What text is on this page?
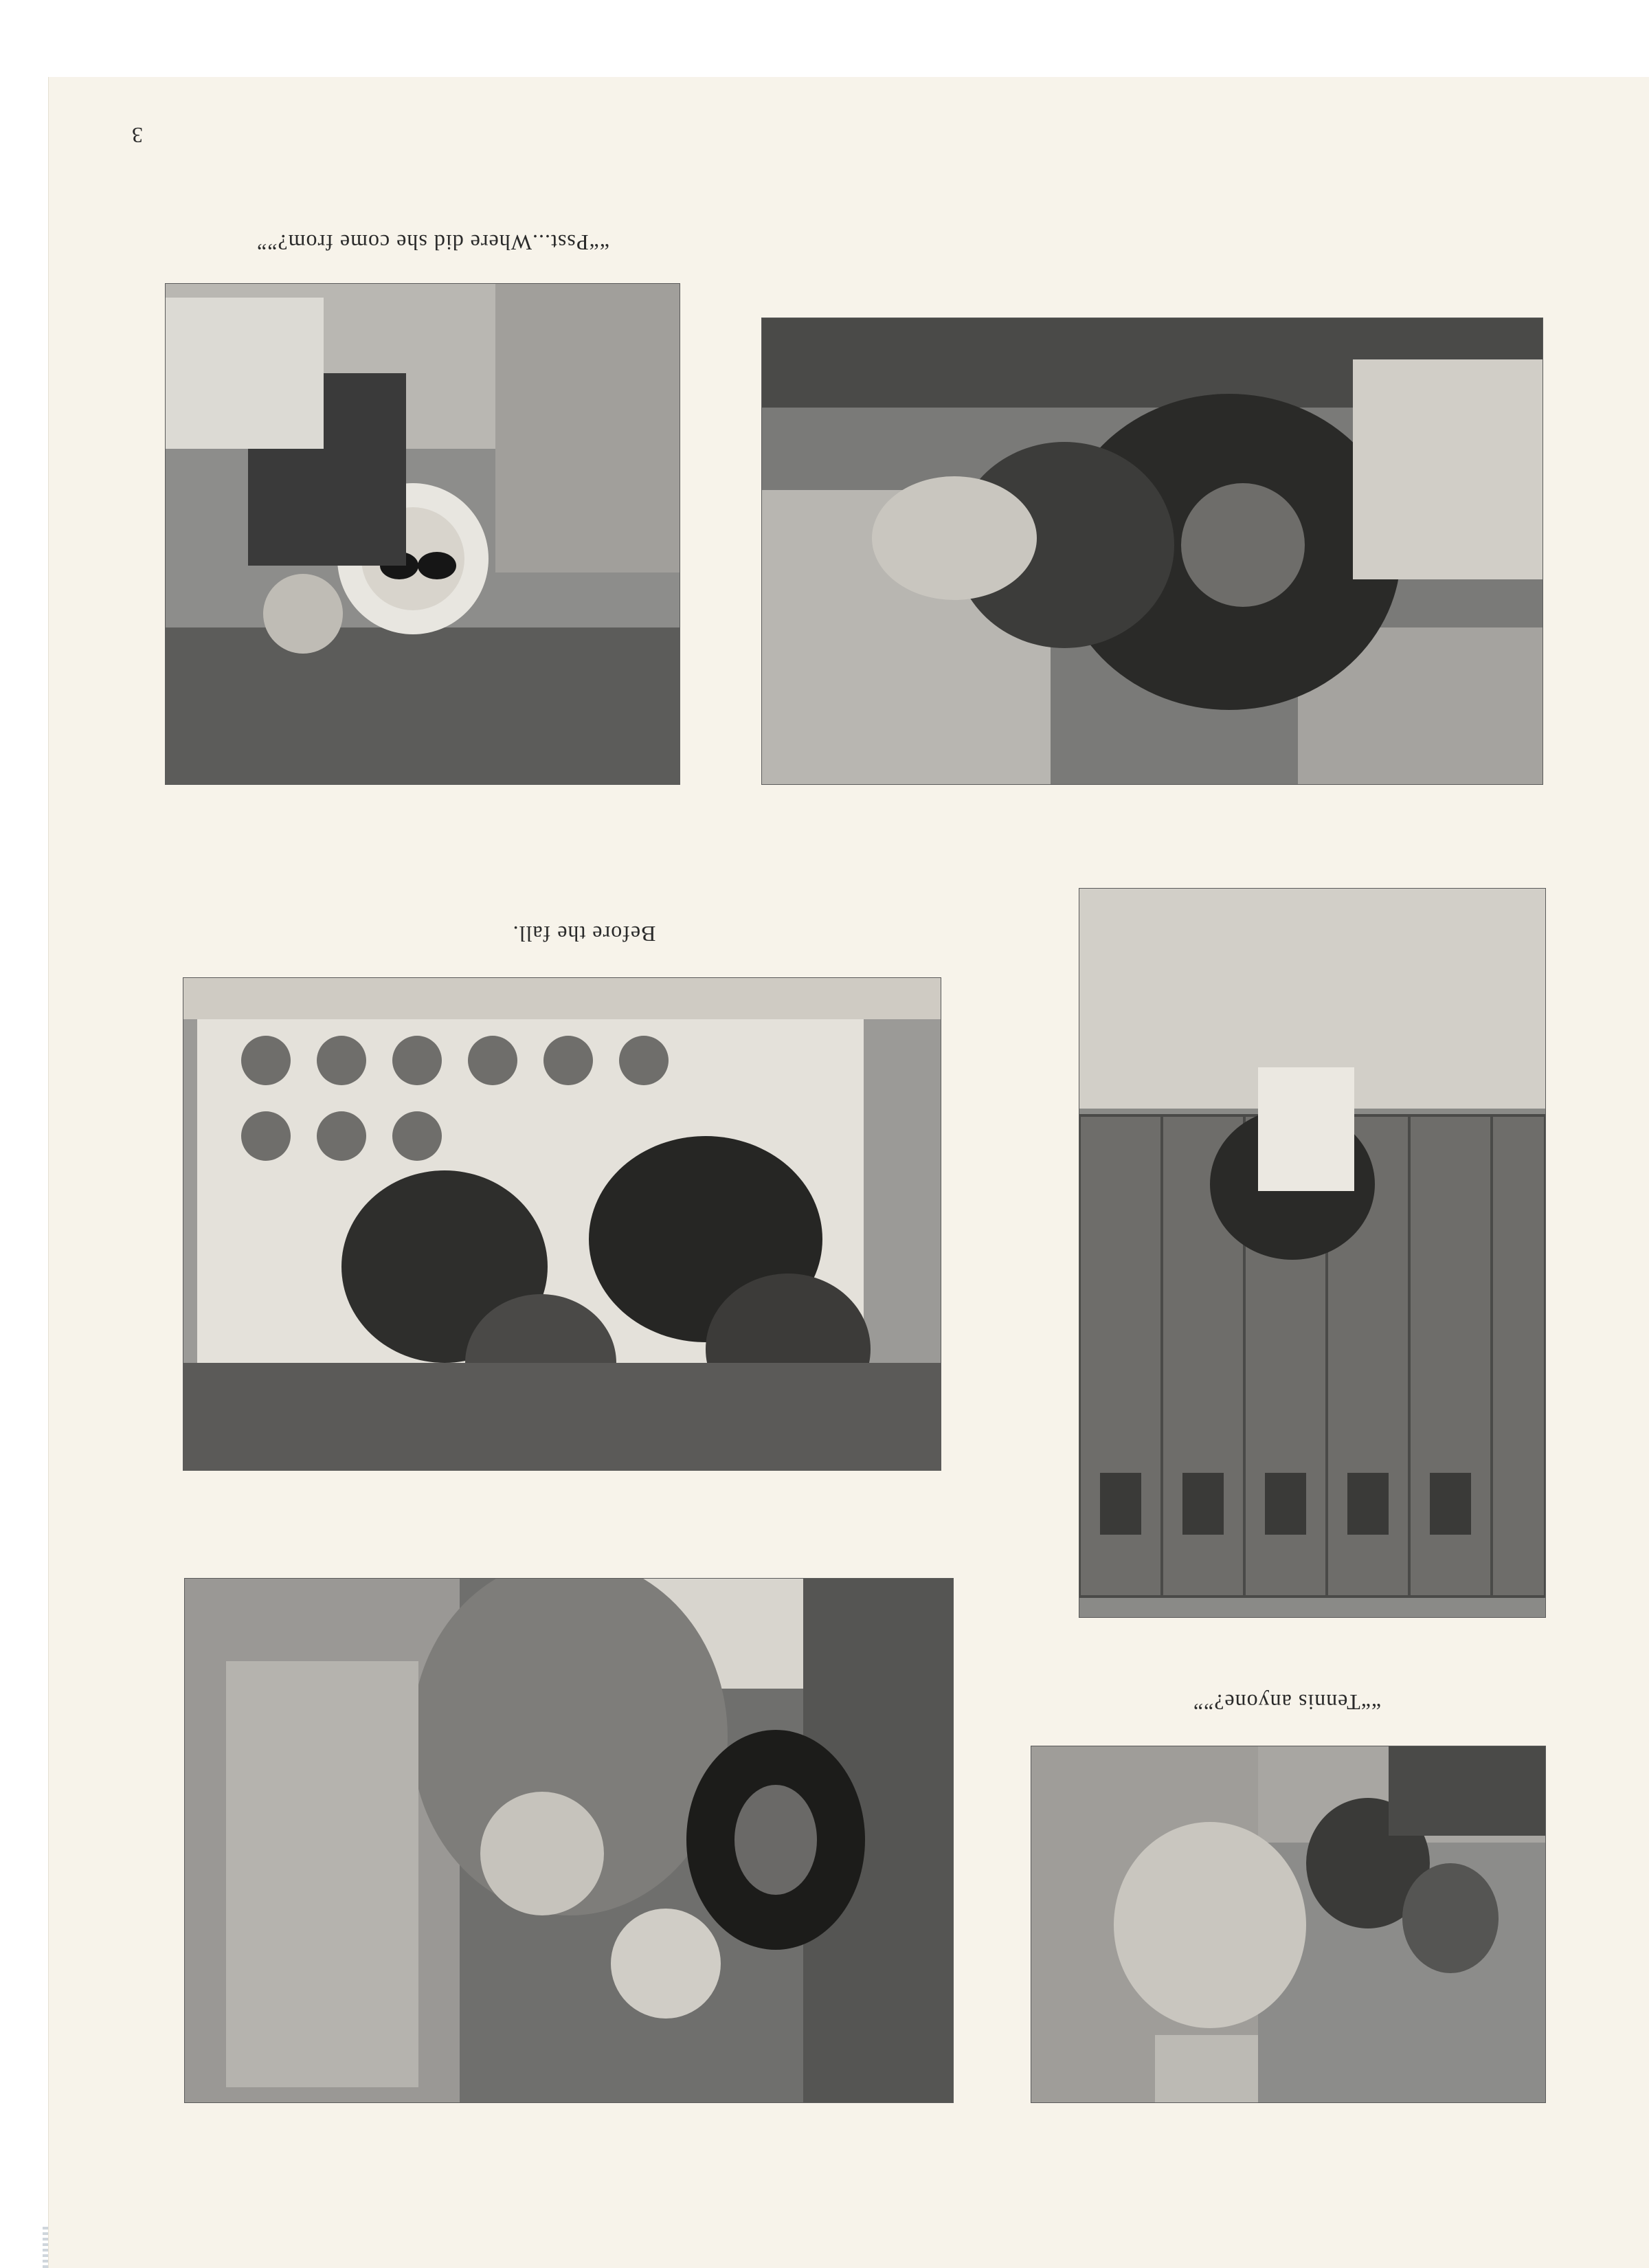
3
““Psst...Where did she come from?””
Before the fall.
““Tennis anyone?””
